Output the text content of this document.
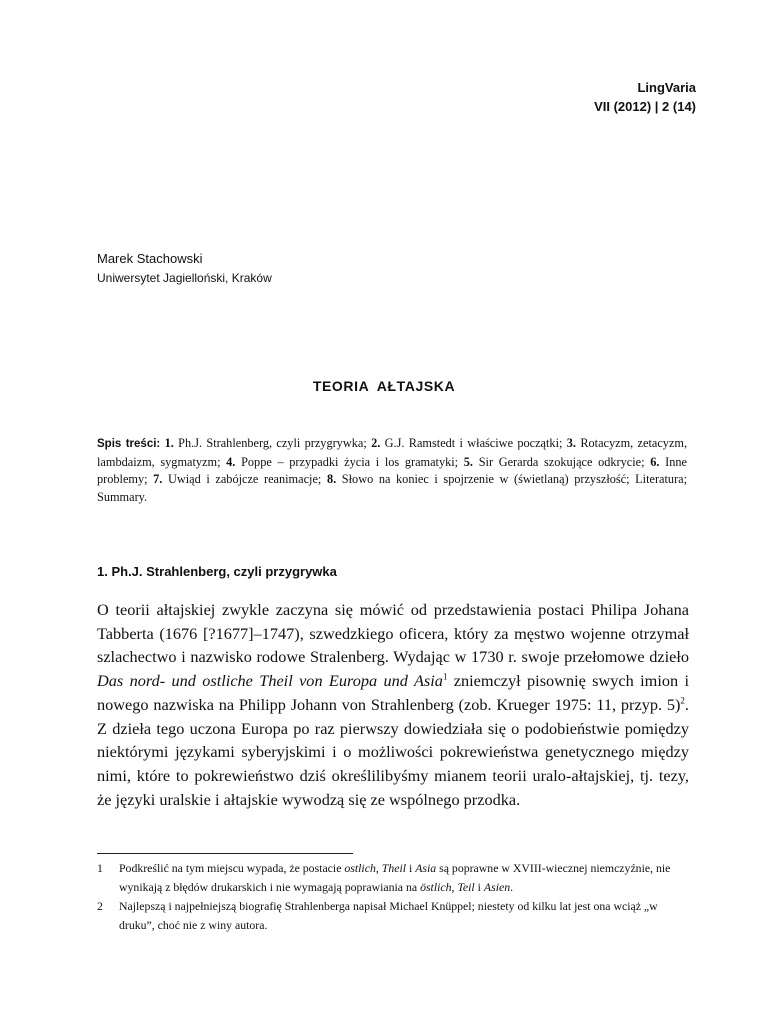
LingVaria
VII (2012) | 2 (14)
Marek Stachowski
Uniwersytet Jagielloński, Kraków
TEORIA AŁTAJSKA
Spis treści: 1. Ph.J. Strahlenberg, czyli przygrywka; 2. G.J. Ramstedt i właściwe początki; 3. Rotacyzm, zetacyzm, lambdaizm, sygmatyzm; 4. Poppe – przypadki życia i los gramatyki; 5. Sir Gerarda szokujące odkrycie; 6. Inne problemy; 7. Uwiąd i zabójcze reanimacje; 8. Słowo na koniec i spojrzenie w (świetlaną) przyszłość; Literatura; Summary.
1. Ph.J. Strahlenberg, czyli przygrywka

O teorii ałtajskiej zwykle zaczyna się mówić od przedstawienia postaci Philipa Johana Tabberta (1676 [?1677]–1747), szwedzkiego oficera, który za męstwo wojenne otrzymał szlachectwo i nazwisko rodowe Stralenberg. Wydając w 1730 r. swoje przełomowe dzieło Das nord- und ostliche Theil von Europa und Asia$^1$ zniemczył pisownię swych imion i nowego nazwiska na Philipp Johann von Strahlenberg (zob. Krueger 1975: 11, przyp. 5)$^2$. Z dzieła tego uczona Europa po raz pierwszy dowiedziała się o podobieństwie pomiędzy niektórymi językami syberyjskimi i o możliwości pokrewieństwa genetycznego między nimi, które to pokrewieństwo dziś określilibyśmy mianem teorii uralo-ałtajskiej, tj. tezy, że języki uralskie i ałtajskie wywodzą się ze wspólnego przodka.

1	Podkreślić na tym miejscu wypada, że postacie ostlich, Theil i Asia są poprawne w XVIII-wiecznej niemczyźnie, nie wynikają z błędów drukarskich i nie wymagają poprawiania na östlich, Teil i Asien.
2	Najlepszą i najpełniejszą biografię Strahlenberga napisał Michael Knüppel; niestety od kilku lat jest ona wciąż „w druku”, choć nie z winy autora.
